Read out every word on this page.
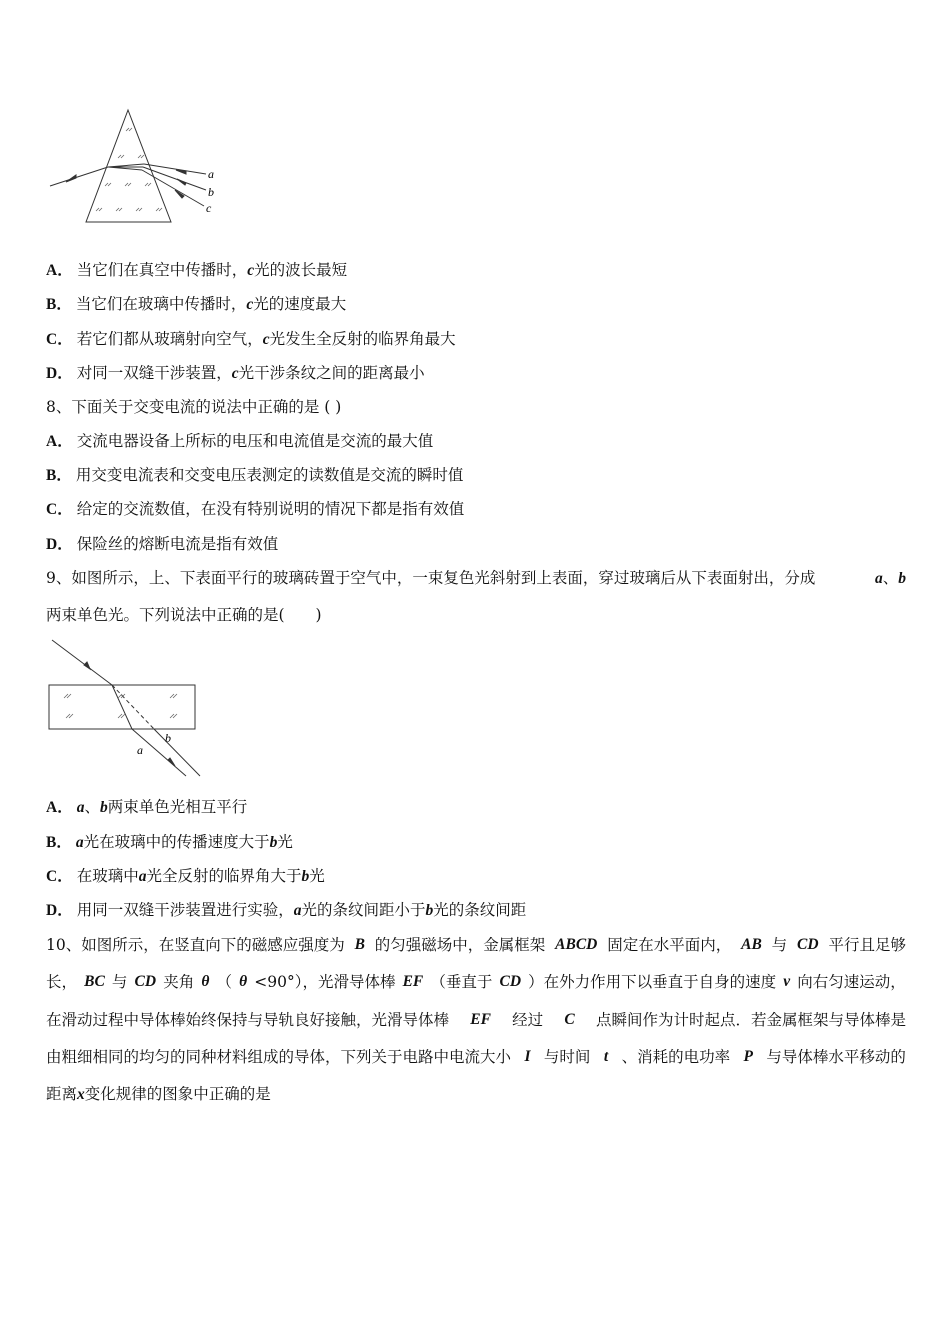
a
b
c
A． 当它们在真空中传播时，c光的波长最短
B． 当它们在玻璃中传播时，c光的速度最大
C． 若它们都从玻璃射向空气，c光发生全反射的临界角最大
D． 对同一双缝干涉装置，c光干涉条纹之间的距离最小
8、下面关于交变电流的说法中正确的是 ( )
A． 交流电器设备上所标的电压和电流值是交流的最大值
B． 用交变电流表和交变电压表测定的读数值是交流的瞬时值
C． 给定的交流数值，在没有特别说明的情况下都是指有效值
D． 保险丝的熔断电流是指有效值
9、如图所示，上、下表面平行的玻璃砖置于空气中，一束复色光斜射到上表面，穿过玻璃后从下表面射出，分成	a、b
两束单色光。下列说法中正确的是(　　)
b
a
A． a、b两束单色光相互平行
B． a光在玻璃中的传播速度大于b光
C． 在玻璃中a光全反射的临界角大于b光
D． 用同一双缝干涉装置进行实验，a光的条纹间距小于b光的条纹间距
10、如图所示，在竖直向下的磁感应强度为 B 的匀强磁场中，金属框架 ABCD 固定在水平面内， AB 与 CD 平行且足够
长， BC 与 CD 夹角 θ （ θ <90°），光滑导体棒 EF （垂直于 CD ）在外力作用下以垂直于自身的速度 v 向右匀速运动，
在滑动过程中导体棒始终保持与导轨良好接触，光滑导体棒 EF 经过 C 点瞬间作为计时起点．若金属框架与导体棒是
由粗细相同的均匀的同种材料组成的导体，下列关于电路中电流大小 I 与时间 t 、消耗的电功率 P 与导体棒水平移动的
距离x变化规律的图象中正确的是
